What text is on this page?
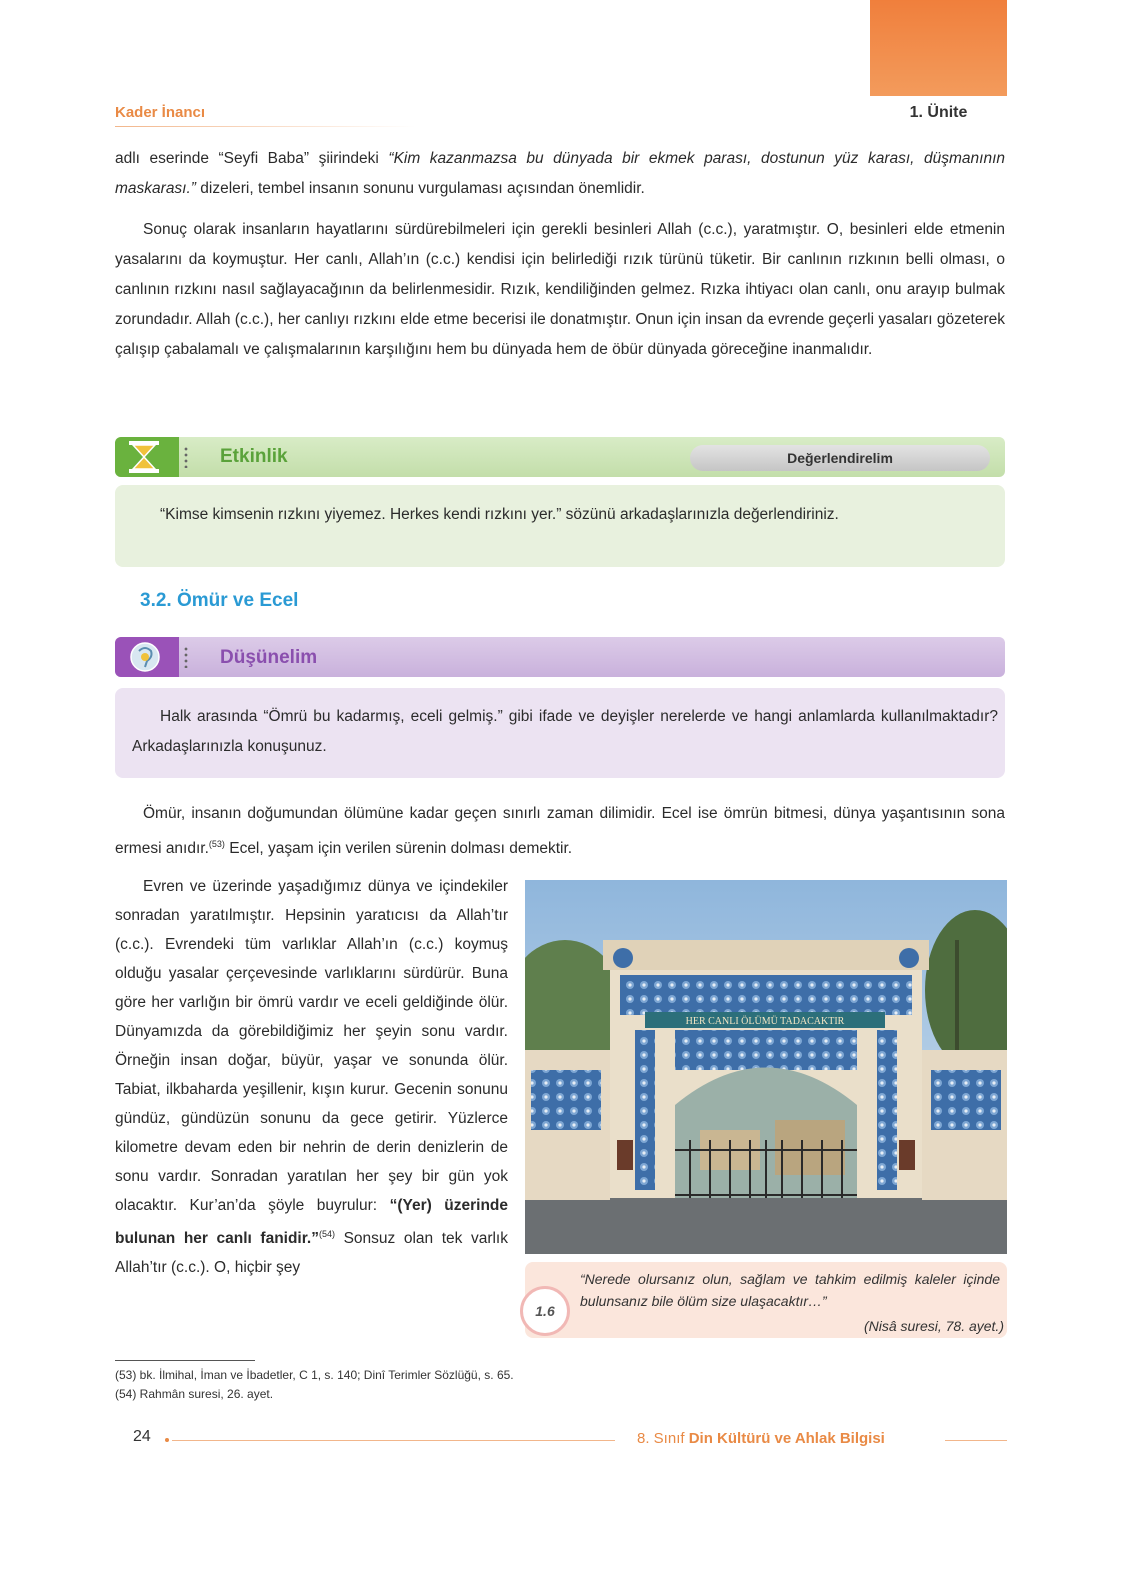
Kader İnancı	1. Ünite

adlı eserinde “Seyfi Baba” şiirindeki “Kim kazanmazsa bu dünyada bir ekmek parası, dostunun yüz karası, düşmanının maskarası.” dizeleri, tembel insanın sonunu vurgulaması açısından önemlidir.

Sonuç olarak insanların hayatlarını sürdürebilmeleri için gerekli besinleri Allah (c.c.), yaratmıştır. O, besinleri elde etmenin yasalarını da koymuştur. Her canlı, Allah’ın (c.c.) kendisi için belirlediği rızık türünü tüketir. Bir canlının rızkının belli olması, o canlının rızkını nasıl sağlayacağının da belirlenmesidir. Rızık, kendiliğinden gelmez. Rızka ihtiyacı olan canlı, onu arayıp bulmak zorundadır. Allah (c.c.), her canlıyı rızkını elde etme becerisi ile donatmıştır. Onun için insan da evrende geçerli yasaları gözeterek çalışıp çabalamalı ve çalışmalarının karşılığını hem bu dünyada hem de öbür dünyada göreceğine inanmalıdır.

Etkinlik	Değerlendirelim

“Kimse kimsenin rızkını yiyemez. Herkes kendi rızkını yer.” sözünü arkadaşlarınızla değerlendiriniz.

3.2. Ömür ve Ecel
Düşünelim

Halk arasında “Ömrü bu kadarmış, eceli gelmiş.” gibi ifade ve deyişler nerelerde ve hangi anlamlarda kullanılmaktadır? Arkadaşlarınızla konuşunuz.

Ömür, insanın doğumundan ölümüne kadar geçen sınırlı zaman dilimidir. Ecel ise ömrün bitmesi, dünya yaşantısının sona ermesi anıdır.$^{(53)}$ Ecel, yaşam için verilen sürenin dolması demektir.

Evren ve üzerinde yaşadığımız dünya ve içindekiler sonradan yaratılmıştır. Hepsinin yaratıcısı da Allah’tır (c.c.). Evrendeki tüm varlıklar Allah’ın (c.c.) koymuş olduğu yasalar çerçevesinde varlıklarını sürdürür. Buna göre her varlığın bir ömrü vardır ve eceli geldiğinde ölür. Dünyamızda da görebildiğimiz her şeyin sonu vardır. Örneğin insan doğar, büyür, yaşar ve sonunda ölür. Tabiat, ilkbaharda yeşillenir, kışın kurur. Gecenin sonunu gündüz, gündüzün sonunu da gece getirir. Yüzlerce kilometre devam eden bir nehrin de derin denizlerin de sonu vardır. Sonradan yaratılan her şey bir gün yok olacaktır. Kur’an’da şöyle buyrulur: “(Yer) üzerinde bulunan her canlı fanidir.”$^{(54)}$ Sonsuz olan tek varlık Allah’tır (c.c.). O, hiçbir şey

HER CANLI ÖLÜMÜ TADACAKTIR
1.6

“Nerede olursanız olun, sağlam ve tahkim edilmiş kaleler içinde bulunsanız bile ölüm size ulaşacaktır…”

(Nisâ suresi, 78. ayet.)
(53) bk. İlmihal, İman ve İbadetler, C 1, s. 140; Dinî Terimler Sözlüğü, s. 65.
(54) Rahmân suresi, 26. ayet.
24	8. Sınıf Din Kültürü ve Ahlak Bilgisi
